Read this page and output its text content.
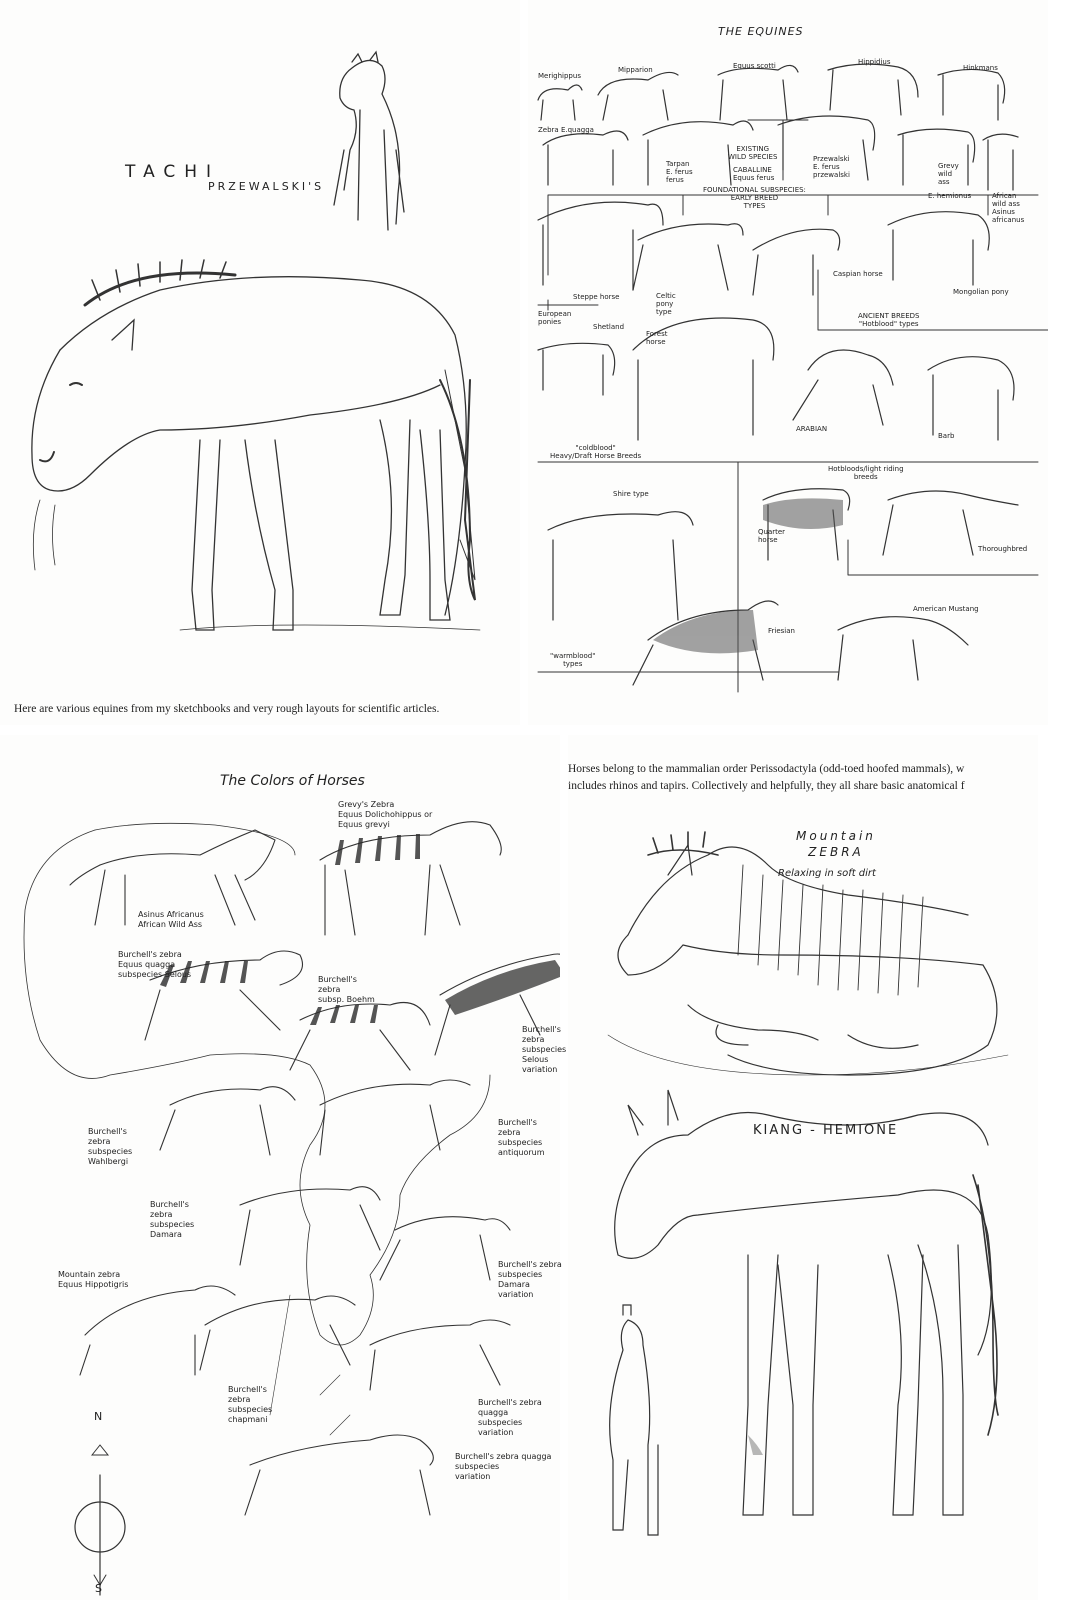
TACHI
PRZEWALSKI'S
Here are various equines from my sketchbooks and very rough layouts for scientific articles.
THE EQUINES
Merighippus
Mipparion	Equus scotti	Hippidius
Hinkmans
Zebra E.quagga
Tarpan
E. ferus
ferus
EXISTING
WILD SPECIES
CABALLINE
Equus ferus
Przewalski
E. ferus
przewalski
Grevy
wild
ass
E. hemionus	African
wild ass
Asinus
africanus
FOUNDATIONAL SUBSPECIES:
EARLY BREED
TYPES
Steppe horse	Celtic
pony
type
Caspian horse
Mongolian pony
European
ponies
Shetland
Forest
horse
ANCIENT BREEDS
"Hotblood" types
ARABIAN
Barb
"coldblood"
Heavy/Draft Horse Breeds
Hotbloods/light riding
breeds
Shire type
Quarter
horse
Thoroughbred
American Mustang
Friesian
"warmblood"
types
The Colors of Horses
Grevy's Zebra
Equus Dolichohippus or
Equus grevyi
Asinus Africanus
African Wild Ass
Burchell's zebra
Equus quagga
subspecies Selous
Burchell's
zebra
subsp. Boehm
Burchell's
zebra
subspecies
Selous
variation
Burchell's
zebra
subspecies
Wahlbergi
Burchell's
zebra
subspecies
antiquorum
Burchell's
zebra
subspecies
Damara
Mountain zebra
Equus Hippotigris
Burchell's zebra
subspecies
Damara
variation
Burchell's
zebra
subspecies
chapmani
Burchell's zebra
quagga
subspecies
variation
Burchell's zebra quagga
subspecies
variation
N
S
Horses belong to the mammalian order Perissodactyla (odd-toed hoofed mammals), w
includes rhinos and tapirs. Collectively and helpfully, they all share basic anatomical f
Mountain
ZEBRA
Relaxing in soft dirt
KIANG - HEMIONE
